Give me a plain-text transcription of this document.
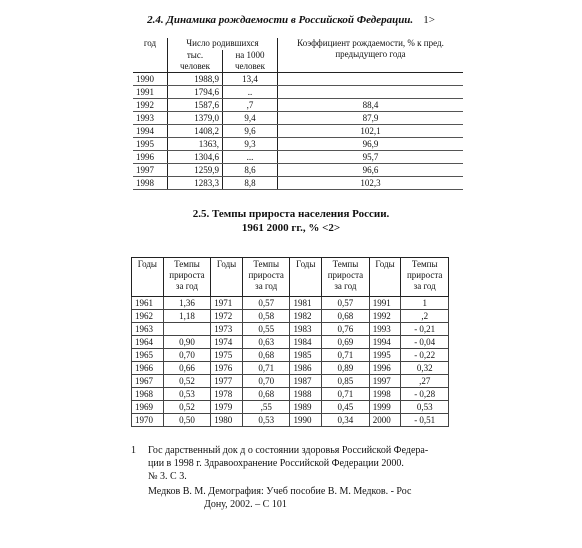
2.4. Динамика рождаемости в Российской Федерации. 1>
год	Число родившихся		Коэффициент рождаемости, % к пред. предыдущего года
	тыс. человек	на 1000 человек	
1990	1988,9	13,4	
1991	1794,6	..	
1992	1587,6	,7	88,4
1993	1379,0	9,4	87,9
1994	1408,2	9,6	102,1
1995	1363,	9,3	96,9
1996	1304,6	...	95,7
1997	1259,9	8,6	96,6
1998	1283,3	8,8	102,3
2.5. Темпы прироста населения России.
1961 2000 гг., % <2>
Годы	Темпы прироста за год	Годы	Темпы прироста за год	Годы	Темпы прироста за год	Годы	Темпы прироста за год
1961	1,36	1971	0,57	1981	0,57	1991	1
1962	1,18	1972	0,58	1982	0,68	1992	,2
1963		1973	0,55	1983	0,76	1993	- 0,21
1964	0,90	1974	0,63	1984	0,69	1994	- 0,04
1965	0,70	1975	0,68	1985	0,71	1995	- 0,22
1966	0,66	1976	0,71	1986	0,89	1996	0,32
1967	0,52	1977	0,70	1987	0,85	1997	,27
1968	0,53	1978	0,68	1988	0,71	1998	- 0,28
1969	0,52	1979	,55	1989	0,45	1999	0,53
1970	0,50	1980	0,53	1990	0,34	2000	- 0,51
1 Гос дарственный док д о состоянии здоровья Российской Федера-
ции в 1998 г. Здравоохранение Российской Федерации 2000.
№ 3. С 3.
Медков В. М. Демография: Учеб пособие В. М. Медков. - Рос
Дону, 2002. – С 101
